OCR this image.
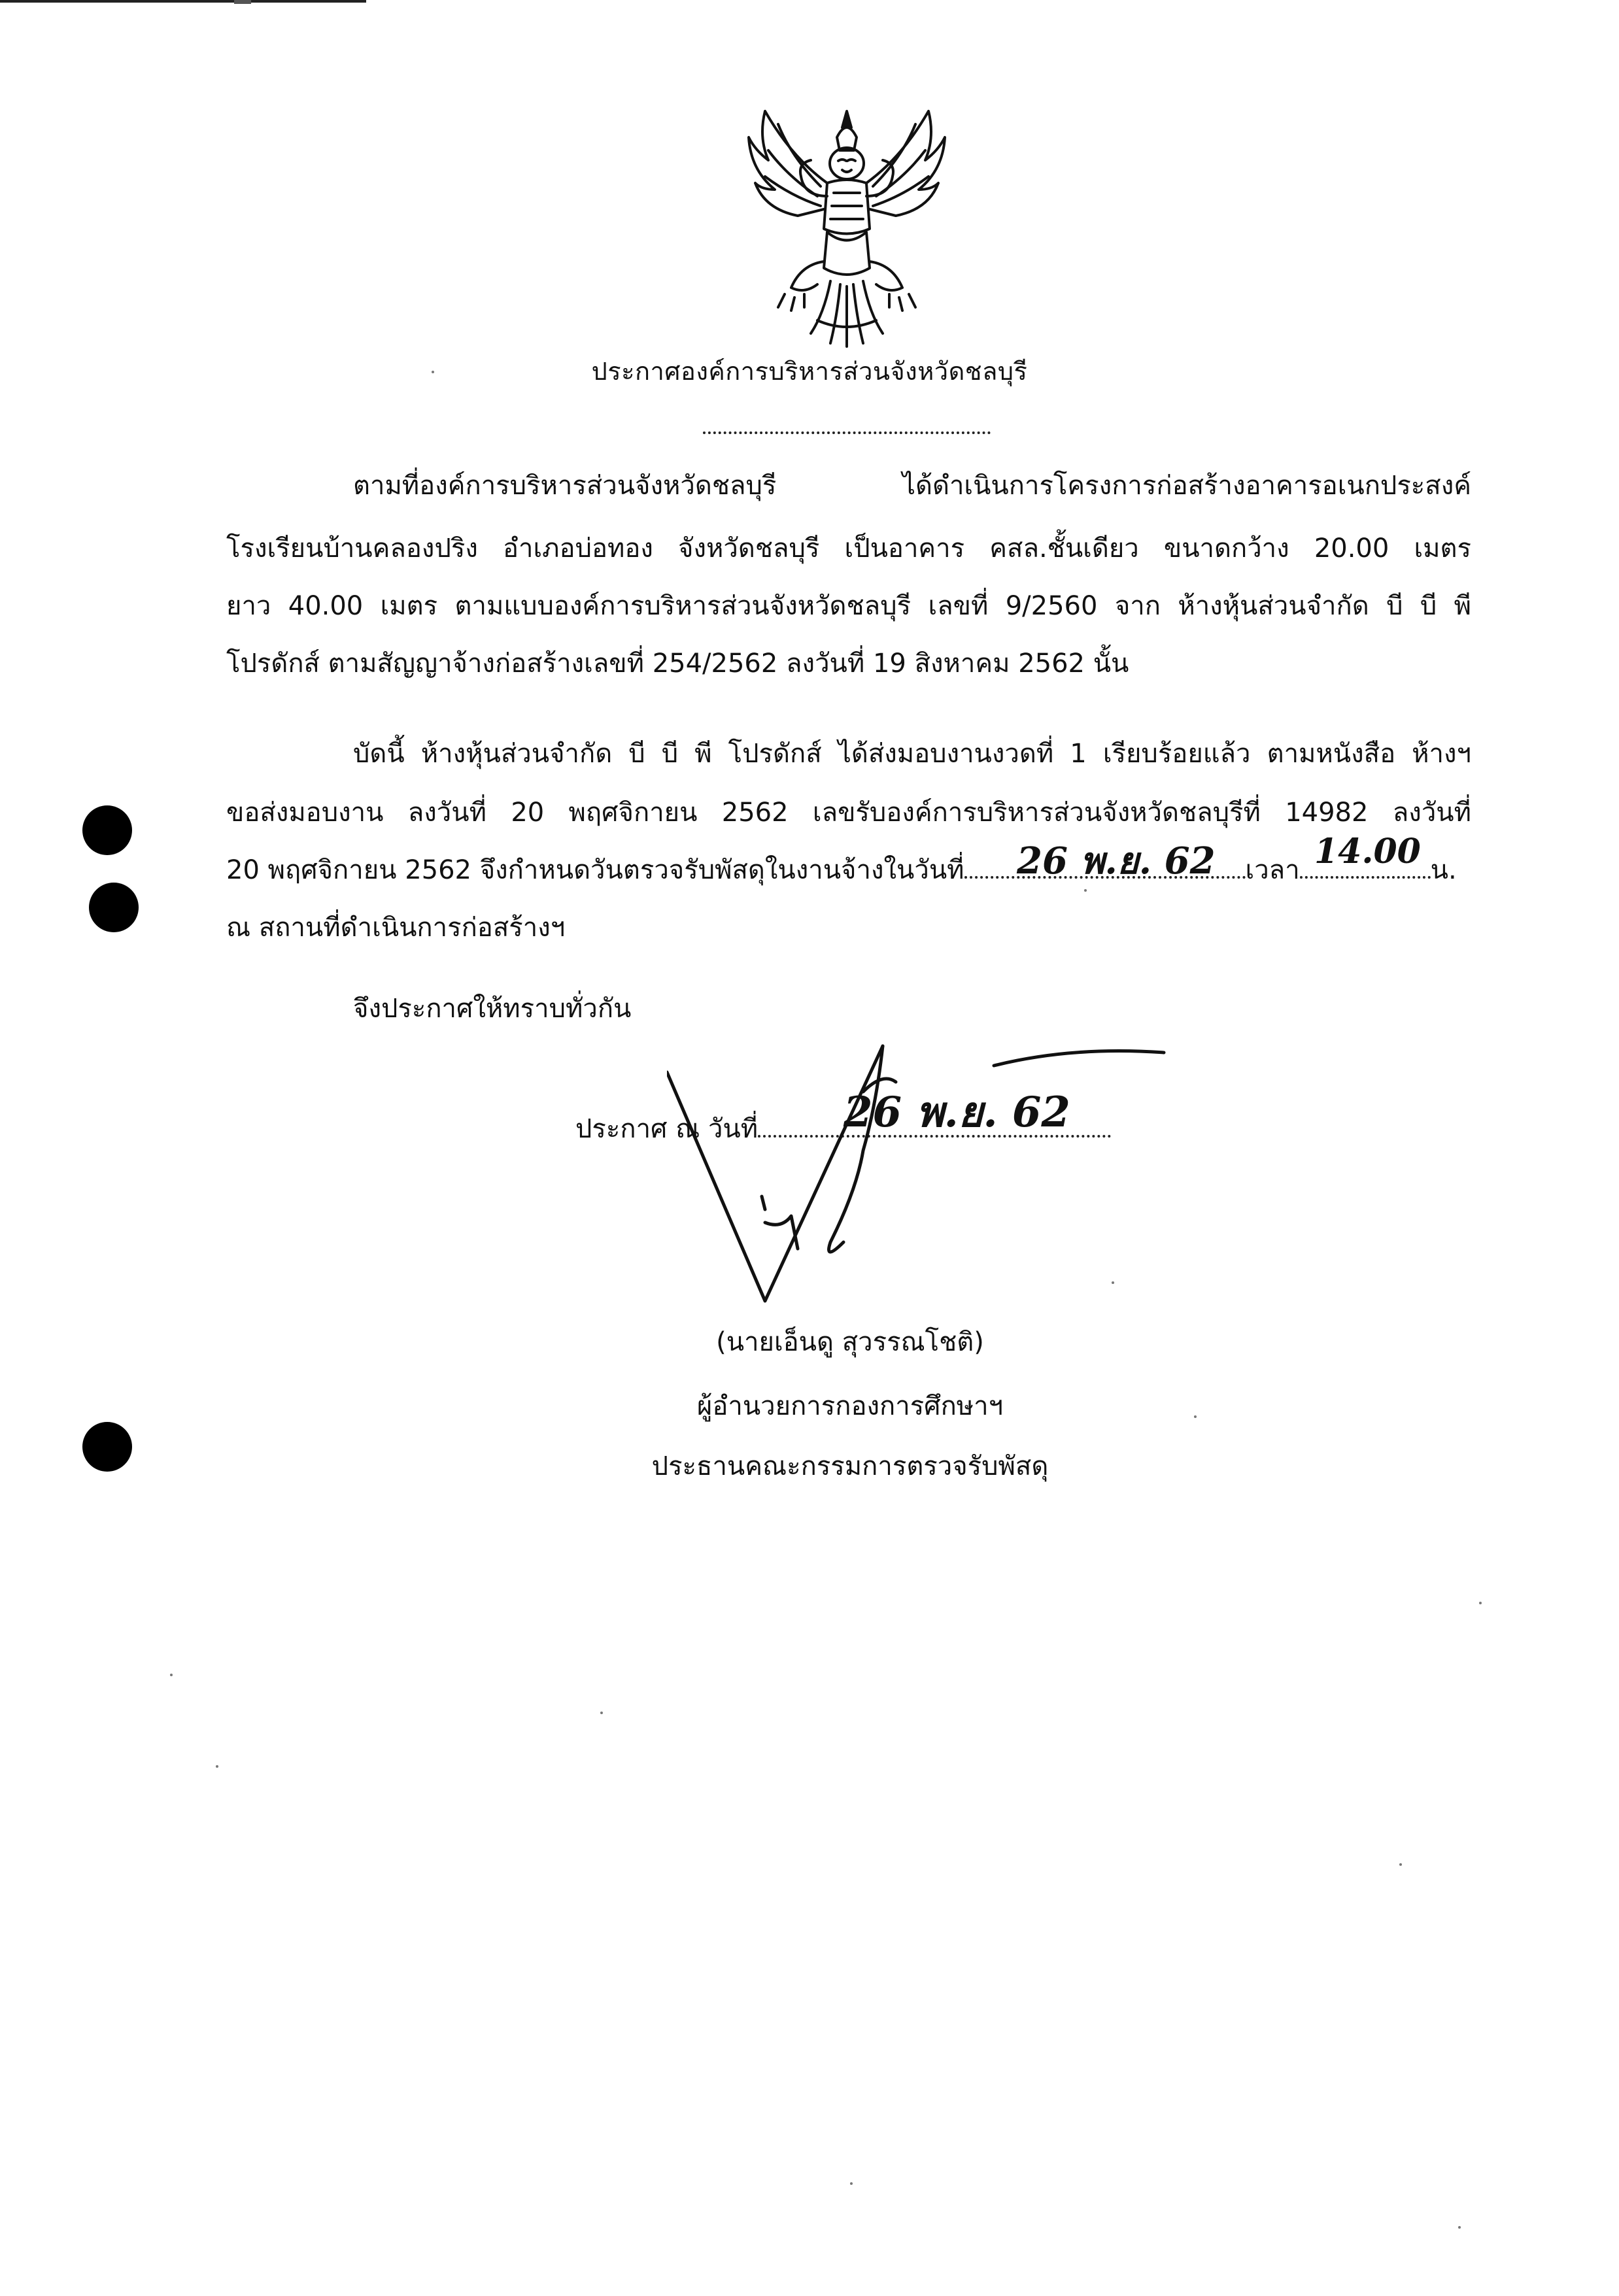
ประกาศองค์การบริหารส่วนจังหวัดชลบุรี
ตามที่องค์การบริหารส่วนจังหวัดชลบุรี ได้ดำเนินการโครงการก่อสร้างอาคารอเนกประสงค์
โรงเรียนบ้านคลองปริง อำเภอบ่อทอง จังหวัดชลบุรี เป็นอาคาร คสล.ชั้นเดียว ขนาดกว้าง 20.00 เมตร
ยาว 40.00 เมตร ตามแบบองค์การบริหารส่วนจังหวัดชลบุรี เลขที่ 9/2560 จาก ห้างหุ้นส่วนจำกัด บี บี พี
โปรดักส์ ตามสัญญาจ้างก่อสร้างเลขที่ 254/2562 ลงวันที่ 19 สิงหาคม 2562 นั้น
บัดนี้ ห้างหุ้นส่วนจำกัด บี บี พี โปรดักส์ ได้ส่งมอบงานงวดที่ 1 เรียบร้อยแล้ว ตามหนังสือ ห้างฯ
ขอส่งมอบงาน ลงวันที่ 20 พฤศจิกายน 2562 เลขรับองค์การบริหารส่วนจังหวัดชลบุรีที่ 14982 ลงวันที่
20 พฤศจิกายน 2562 จึงกำหนดวันตรวจรับพัสดุในงานจ้างในวันที่	เวลา	น.
26 พ.ย. 62	14.00
ณ สถานที่ดำเนินการก่อสร้างฯ
จึงประกาศให้ทราบทั่วกัน
ประกาศ ณ วันที่	26 พ.ย. 62
(นายเอ็นดู สุวรรณโชติ)
ผู้อำนวยการกองการศึกษาฯ
ประธานคณะกรรมการตรวจรับพัสดุ
